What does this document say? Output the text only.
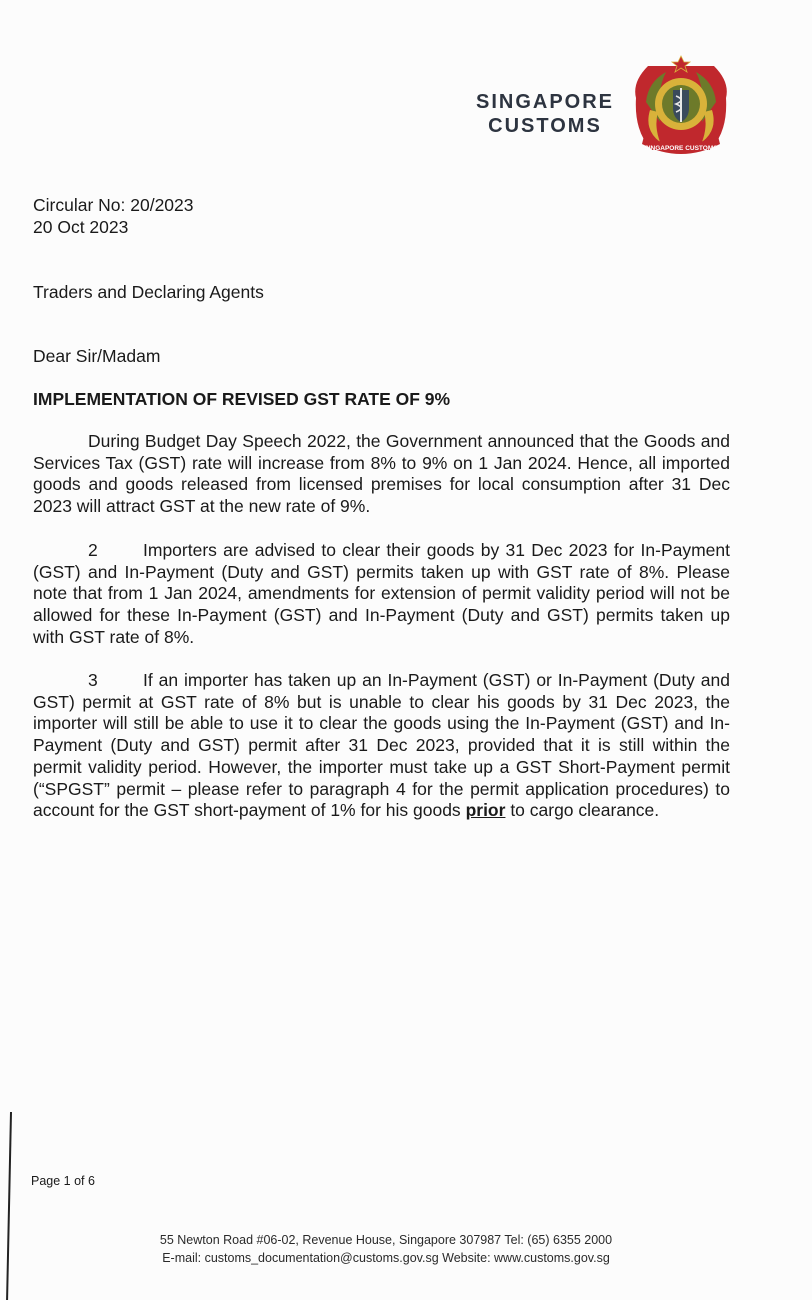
SINGAPORE
CUSTOMS
SINGAPORE CUSTOMS
Circular No: 20/2023
20 Oct 2023
Traders and Declaring Agents
Dear Sir/Madam
IMPLEMENTATION OF REVISED GST RATE OF 9%
During Budget Day Speech 2022, the Government announced that the Goods and Services Tax (GST) rate will increase from 8% to 9% on 1 Jan 2024. Hence, all imported goods and goods released from licensed premises for local consumption after 31 Dec 2023 will attract GST at the new rate of 9%.
2	Importers are advised to clear their goods by 31 Dec 2023 for In-Payment (GST) and In-Payment (Duty and GST) permits taken up with GST rate of 8%. Please note that from 1 Jan 2024, amendments for extension of permit validity period will not be allowed for these In-Payment (GST) and In-Payment (Duty and GST) permits taken up with GST rate of 8%.
3	If an importer has taken up an In-Payment (GST) or In-Payment (Duty and GST) permit at GST rate of 8% but is unable to clear his goods by 31 Dec 2023, the importer will still be able to use it to clear the goods using the In-Payment (GST) and In-Payment (Duty and GST) permit after 31 Dec 2023, provided that it is still within the permit validity period. However, the importer must take up a GST Short-Payment permit (“SPGST” permit – please refer to paragraph 4 for the permit application procedures) to account for the GST short-payment of 1% for his goods prior to cargo clearance.
Page 1 of 6
55 Newton Road #06-02, Revenue House, Singapore 307987 Tel: (65) 6355 2000
E-mail: customs_documentation@customs.gov.sg Website: www.customs.gov.sg
